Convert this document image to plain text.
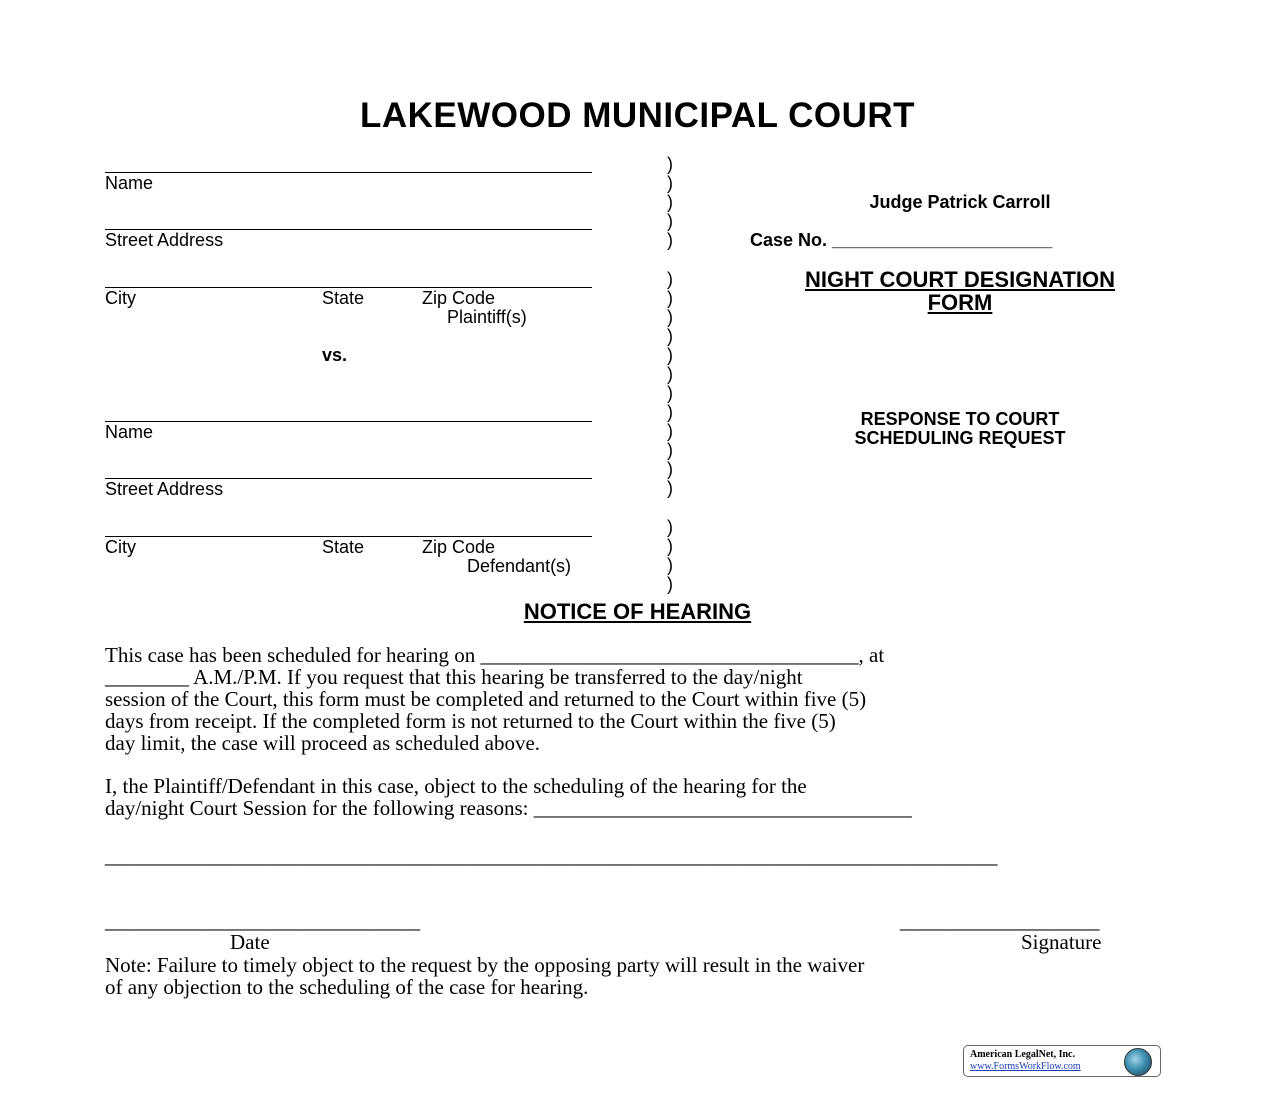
LAKEWOOD MUNICIPAL COURT
Name
Street Address
City	State	Zip Code
Plaintiff(s)
vs.
Name
Street Address
City	State	Zip Code
Defendant(s)
)
)
)
)
)
)
)
)
)
)
)
)
)
)
)
)
)
)
)
)
)
Judge Patrick Carroll
Case No. ______________________
NIGHT COURT DESIGNATION
FORM
RESPONSE TO COURT
SCHEDULING REQUEST
NOTICE OF HEARING
This case has been scheduled for hearing on ____________________________________, at
________ A.M./P.M. If you request that this hearing be transferred to the day/night
session of the Court, this form must be completed and returned to the Court within five (5)
days from receipt. If the completed form is not returned to the Court within the five (5)
day limit, the case will proceed as scheduled above.
I, the Plaintiff/Defendant in this case, object to the scheduling of the hearing for the
day/night Court Session for the following reasons: ____________________________________
_____________________________________________________________________________________
______________________________	___________________
Date	Signature
Note: Failure to timely object to the request by the opposing party will result in the waiver
of any objection to the scheduling of the case for hearing.
American LegalNet, Inc.
www.FormsWorkFlow.com
